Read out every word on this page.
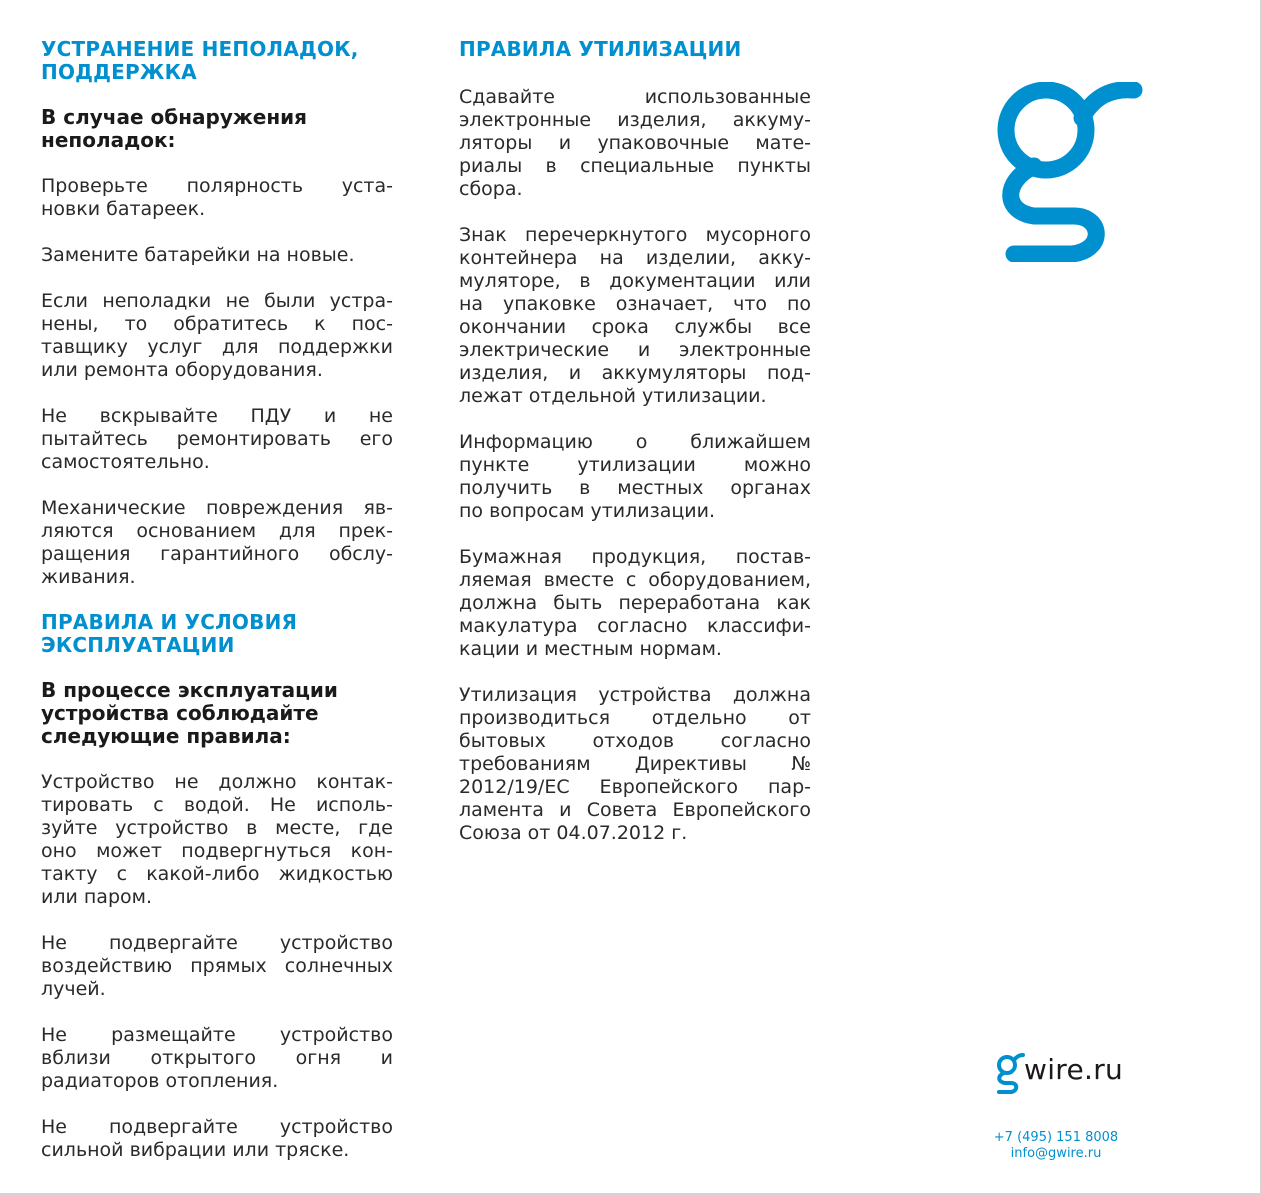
УСТРАНЕНИЕ НЕПОЛАДОК,
ПОДДЕРЖКА
В случае обнаружения
неполадок:
Проверьте полярность уста-
новки батареек.
Замените батарейки на новые.
Если неполадки не были устра-
нены, то обратитесь к пос-
тавщику услуг для поддержки
или ремонта оборудования.
Не вскрывайте ПДУ и не
пытайтесь ремонтировать его
самостоятельно.
Механические повреждения яв-
ляются основанием для прек-
ращения гарантийного обслу-
живания.
ПРАВИЛА И УСЛОВИЯ
ЭКСПЛУАТАЦИИ
В процессе эксплуатации
устройства соблюдайте
следующие правила:
Устройство не должно контак-
тировать с водой. Не исполь-
зуйте устройство в месте, где
оно может подвергнуться кон-
такту с какой-либо жидкостью
или паром.
Не подвергайте устройство
воздействию прямых солнечных
лучей.
Не размещайте устройство
вблизи открытого огня и
радиаторов отопления.
Не подвергайте устройство
сильной вибрации или тряске.
ПРАВИЛА УТИЛИЗАЦИИ
Сдавайте использованные
электронные изделия, аккуму-
ляторы и упаковочные мате-
риалы в специальные пункты
сбора.
Знак перечеркнутого мусорного
контейнера на изделии, акку-
муляторе, в документации или
на упаковке означает, что по
окончании срока службы все
электрические и электронные
изделия, и аккумуляторы под-
лежат отдельной утилизации.
Информацию о ближайшем
пункте утилизации можно
получить в местных органах
по вопросам утилизации.
Бумажная продукция, постав-
ляемая вместе с оборудованием,
должна быть переработана как
макулатура согласно классифи-
кации и местным нормам.
Утилизация устройства должна
производиться отдельно от
бытовых отходов согласно
требованиям Директивы №
2012/19/ЕС Европейского пар-
ламента и Совета Европейского
Союза от 04.07.2012 г.
wire.ru
+7 (495) 151 8008
info@gwire.ru
